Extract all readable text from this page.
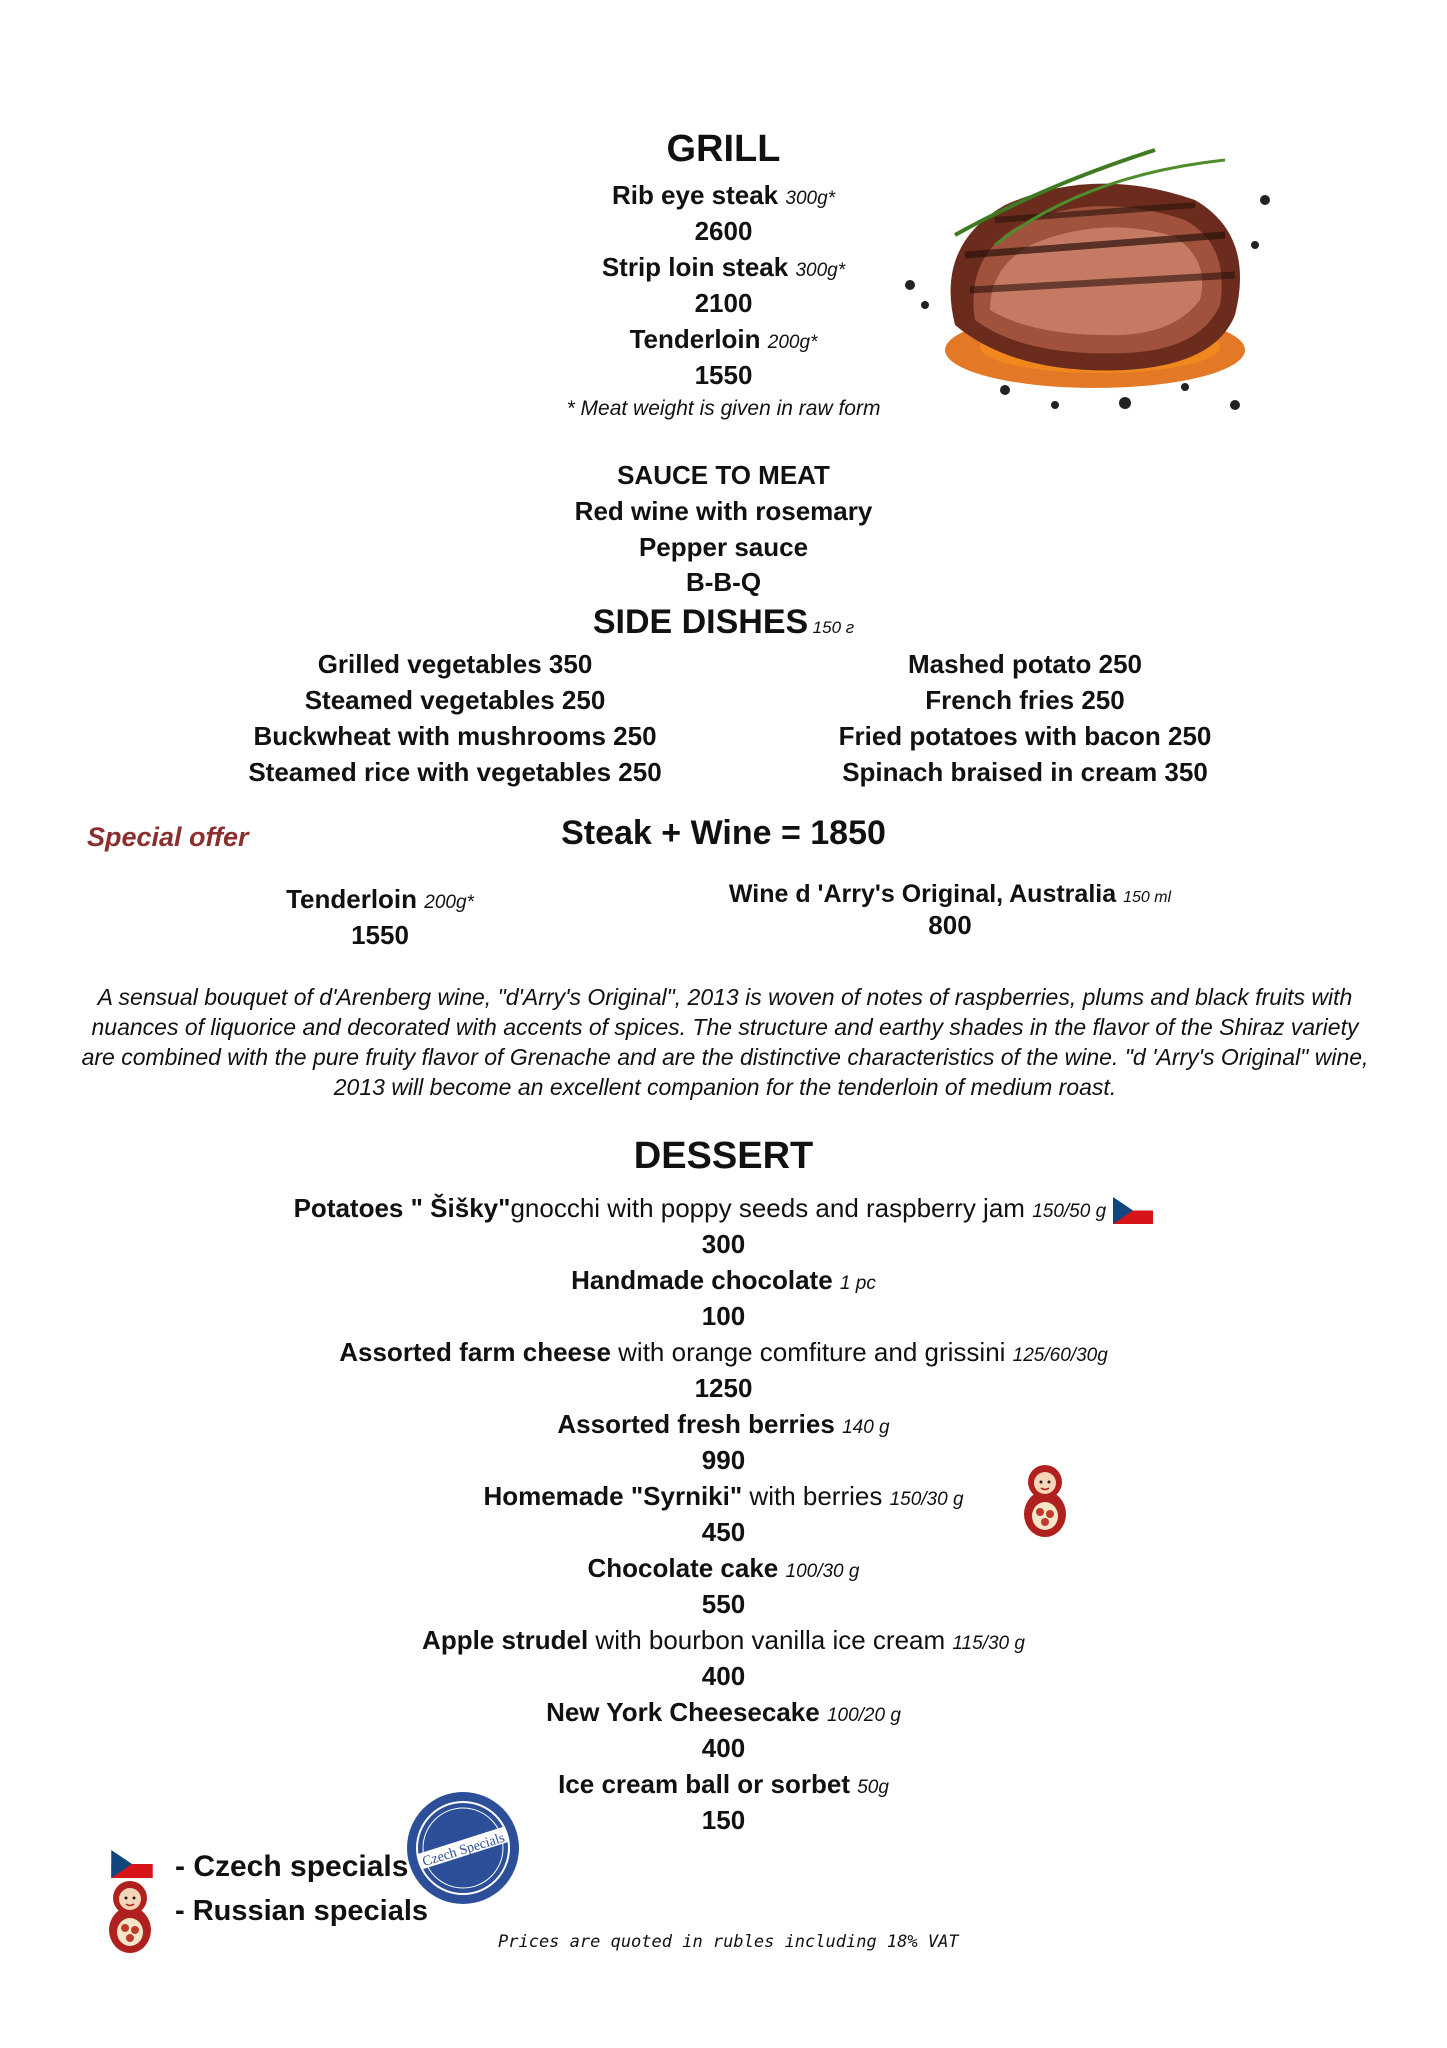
GRILL
Rib eye steak 300g*
2600
Strip loin steak 300g*
2100
Tenderloin 200g*
1550
* Meat weight is given in raw form
SAUCE TO MEAT
Red wine with rosemary
Pepper sauce
B-B-Q
SIDE DISHES 150 г
Grilled vegetables 350
Steamed vegetables 250
Buckwheat with mushrooms 250
Steamed rice with vegetables 250
Mashed potato 250
French fries 250
Fried potatoes with bacon 250
Spinach braised in cream 350
Special offer	Steak + Wine = 1850
Tenderloin 200g*
1550
Wine d 'Arry's Original, Australia 150 ml
800
A sensual bouquet of d'Arenberg wine, "d'Arry's Original", 2013 is woven of notes of raspberries, plums and black fruits with nuances of liquorice and decorated with accents of spices. The structure and earthy shades in the flavor of the Shiraz variety are combined with the pure fruity flavor of Grenache and are the distinctive characteristics of the wine. "d 'Arry's Original" wine, 2013 will become an excellent companion for the tenderloin of medium roast.
DESSERT
Potatoes " Šišky"gnocchi with poppy seeds and raspberry jam 150/50 g
300
Handmade chocolate 1 pc
100
Assorted farm cheese with orange comfiture and grissini 125/60/30g
1250
Assorted fresh berries 140 g
990
Homemade "Syrniki" with berries 150/30 g
450
Chocolate cake 100/30 g
550
Apple strudel with bourbon vanilla ice cream 115/30 g
400
New York Cheesecake 100/20 g
400
Ice cream ball or sorbet 50g
150
Czech Specials
- Czech specials
- Russian specials
Prices are quoted in rubles including 18% VAT
